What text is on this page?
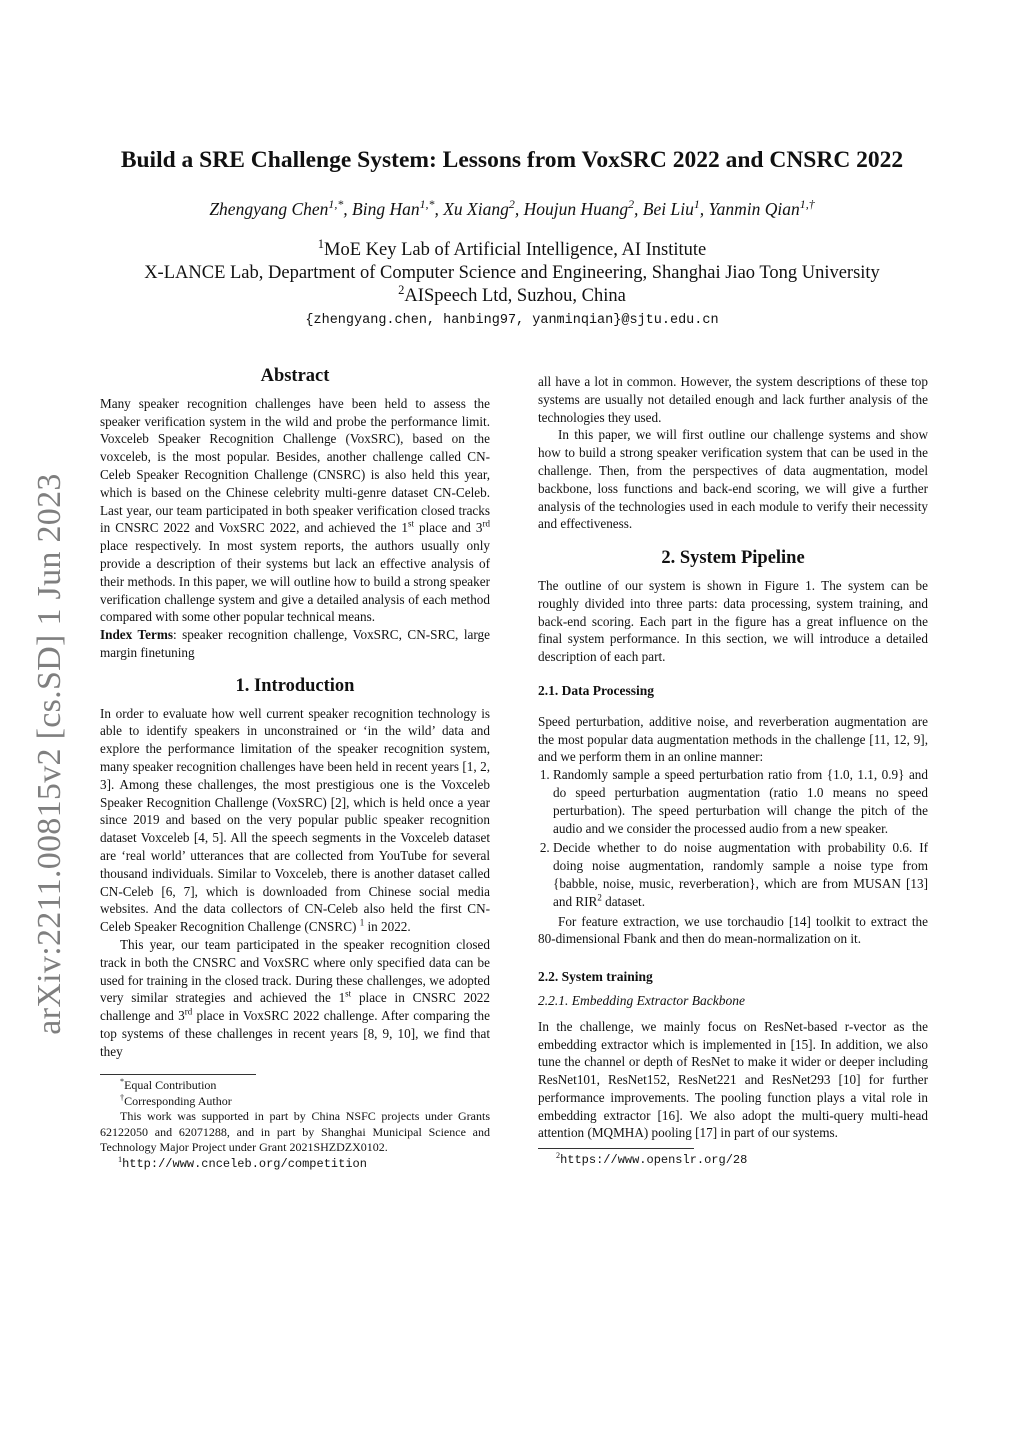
Build a SRE Challenge System: Lessons from VoxSRC 2022 and CNSRC 2022
Zhengyang Chen$^{1,*}$, Bing Han$^{1,*}$, Xu Xiang$^2$, Houjun Huang$^2$, Bei Liu$^1$, Yanmin Qian$^{1,\dagger}$
$^1$MoE Key Lab of Artificial Intelligence, AI Institute
X-LANCE Lab, Department of Computer Science and Engineering, Shanghai Jiao Tong University
$^2$AISpeech Ltd, Suzhou, China
{zhengyang.chen, hanbing97, yanminqian}@sjtu.edu.cn
arXiv:2211.00815v2 [cs.SD] 1 Jun 2023
Abstract

Many speaker recognition challenges have been held to assess the speaker verification system in the wild and probe the performance limit. Voxceleb Speaker Recognition Challenge (VoxSRC), based on the voxceleb, is the most popular. Besides, another challenge called CN-Celeb Speaker Recognition Challenge (CNSRC) is also held this year, which is based on the Chinese celebrity multi-genre dataset CN-Celeb. Last year, our team participated in both speaker verification closed tracks in CNSRC 2022 and VoxSRC 2022, and achieved the 1st place and 3rd place respectively. In most system reports, the authors usually only provide a description of their systems but lack an effective analysis of their methods. In this paper, we will outline how to build a strong speaker verification challenge system and give a detailed analysis of each method compared with some other popular technical means.

Index Terms: speaker recognition challenge, VoxSRC, CN-SRC, large margin finetuning

1. Introduction

In order to evaluate how well current speaker recognition technology is able to identify speakers in unconstrained or ‘in the wild’ data and explore the performance limitation of the speaker recognition system, many speaker recognition challenges have been held in recent years [1, 2, 3]. Among these challenges, the most prestigious one is the Voxceleb Speaker Recognition Challenge (VoxSRC) [2], which is held once a year since 2019 and based on the very popular public speaker recognition dataset Voxceleb [4, 5]. All the speech segments in the Voxceleb dataset are ‘real world’ utterances that are collected from YouTube for several thousand individuals. Similar to Voxceleb, there is another dataset called CN-Celeb [6, 7], which is downloaded from Chinese social media websites. And the data collectors of CN-Celeb also held the first CN-Celeb Speaker Recognition Challenge (CNSRC) $^1$ in 2022.

This year, our team participated in the speaker recognition closed track in both the CNSRC and VoxSRC where only specified data can be used for training in the closed track. During these challenges, we adopted very similar strategies and achieved the 1st place in CNSRC 2022 challenge and 3rd place in VoxSRC 2022 challenge. After comparing the top systems of these challenges in recent years [8, 9, 10], we find that they

*Equal Contribution
†Corresponding Author
This work was supported in part by China NSFC projects under Grants 62122050 and 62071288, and in part by Shanghai Municipal Science and Technology Major Project under Grant 2021SHZDZX0102.
$^1$http://www.cnceleb.org/competition

all have a lot in common. However, the system descriptions of these top systems are usually not detailed enough and lack further analysis of the technologies they used.

In this paper, we will first outline our challenge systems and show how to build a strong speaker verification system that can be used in the challenge. Then, from the perspectives of data augmentation, model backbone, loss functions and back-end scoring, we will give a further analysis of the technologies used in each module to verify their necessity and effectiveness.

2. System Pipeline

The outline of our system is shown in Figure 1. The system can be roughly divided into three parts: data processing, system training, and back-end scoring. Each part in the figure has a great influence on the final system performance. In this section, we will introduce a detailed description of each part.

2.1. Data Processing

Speed perturbation, additive noise, and reverberation augmentation are the most popular data augmentation methods in the challenge [11, 12, 9], and we perform them in an online manner:

1. Randomly sample a speed perturbation ratio from {1.0, 1.1, 0.9} and do speed perturbation augmentation (ratio 1.0 means no speed perturbation). The speed perturbation will change the pitch of the audio and we consider the processed audio from a new speaker.
2. Decide whether to do noise augmentation with probability 0.6. If doing noise augmentation, randomly sample a noise type from {babble, noise, music, reverberation}, which are from MUSAN [13] and RIR$^2$ dataset.

For feature extraction, we use torchaudio [14] toolkit to extract the 80-dimensional Fbank and then do mean-normalization on it.

2.2. System training
2.2.1. Embedding Extractor Backbone

In the challenge, we mainly focus on ResNet-based r-vector as the embedding extractor which is implemented in [15]. In addition, we also tune the channel or depth of ResNet to make it wider or deeper including ResNet101, ResNet152, ResNet221 and ResNet293 [10] for further performance improvements. The pooling function plays a vital role in embedding extractor [16]. We also adopt the multi-query multi-head attention (MQMHA) pooling [17] in part of our systems.

$^2$https://www.openslr.org/28
